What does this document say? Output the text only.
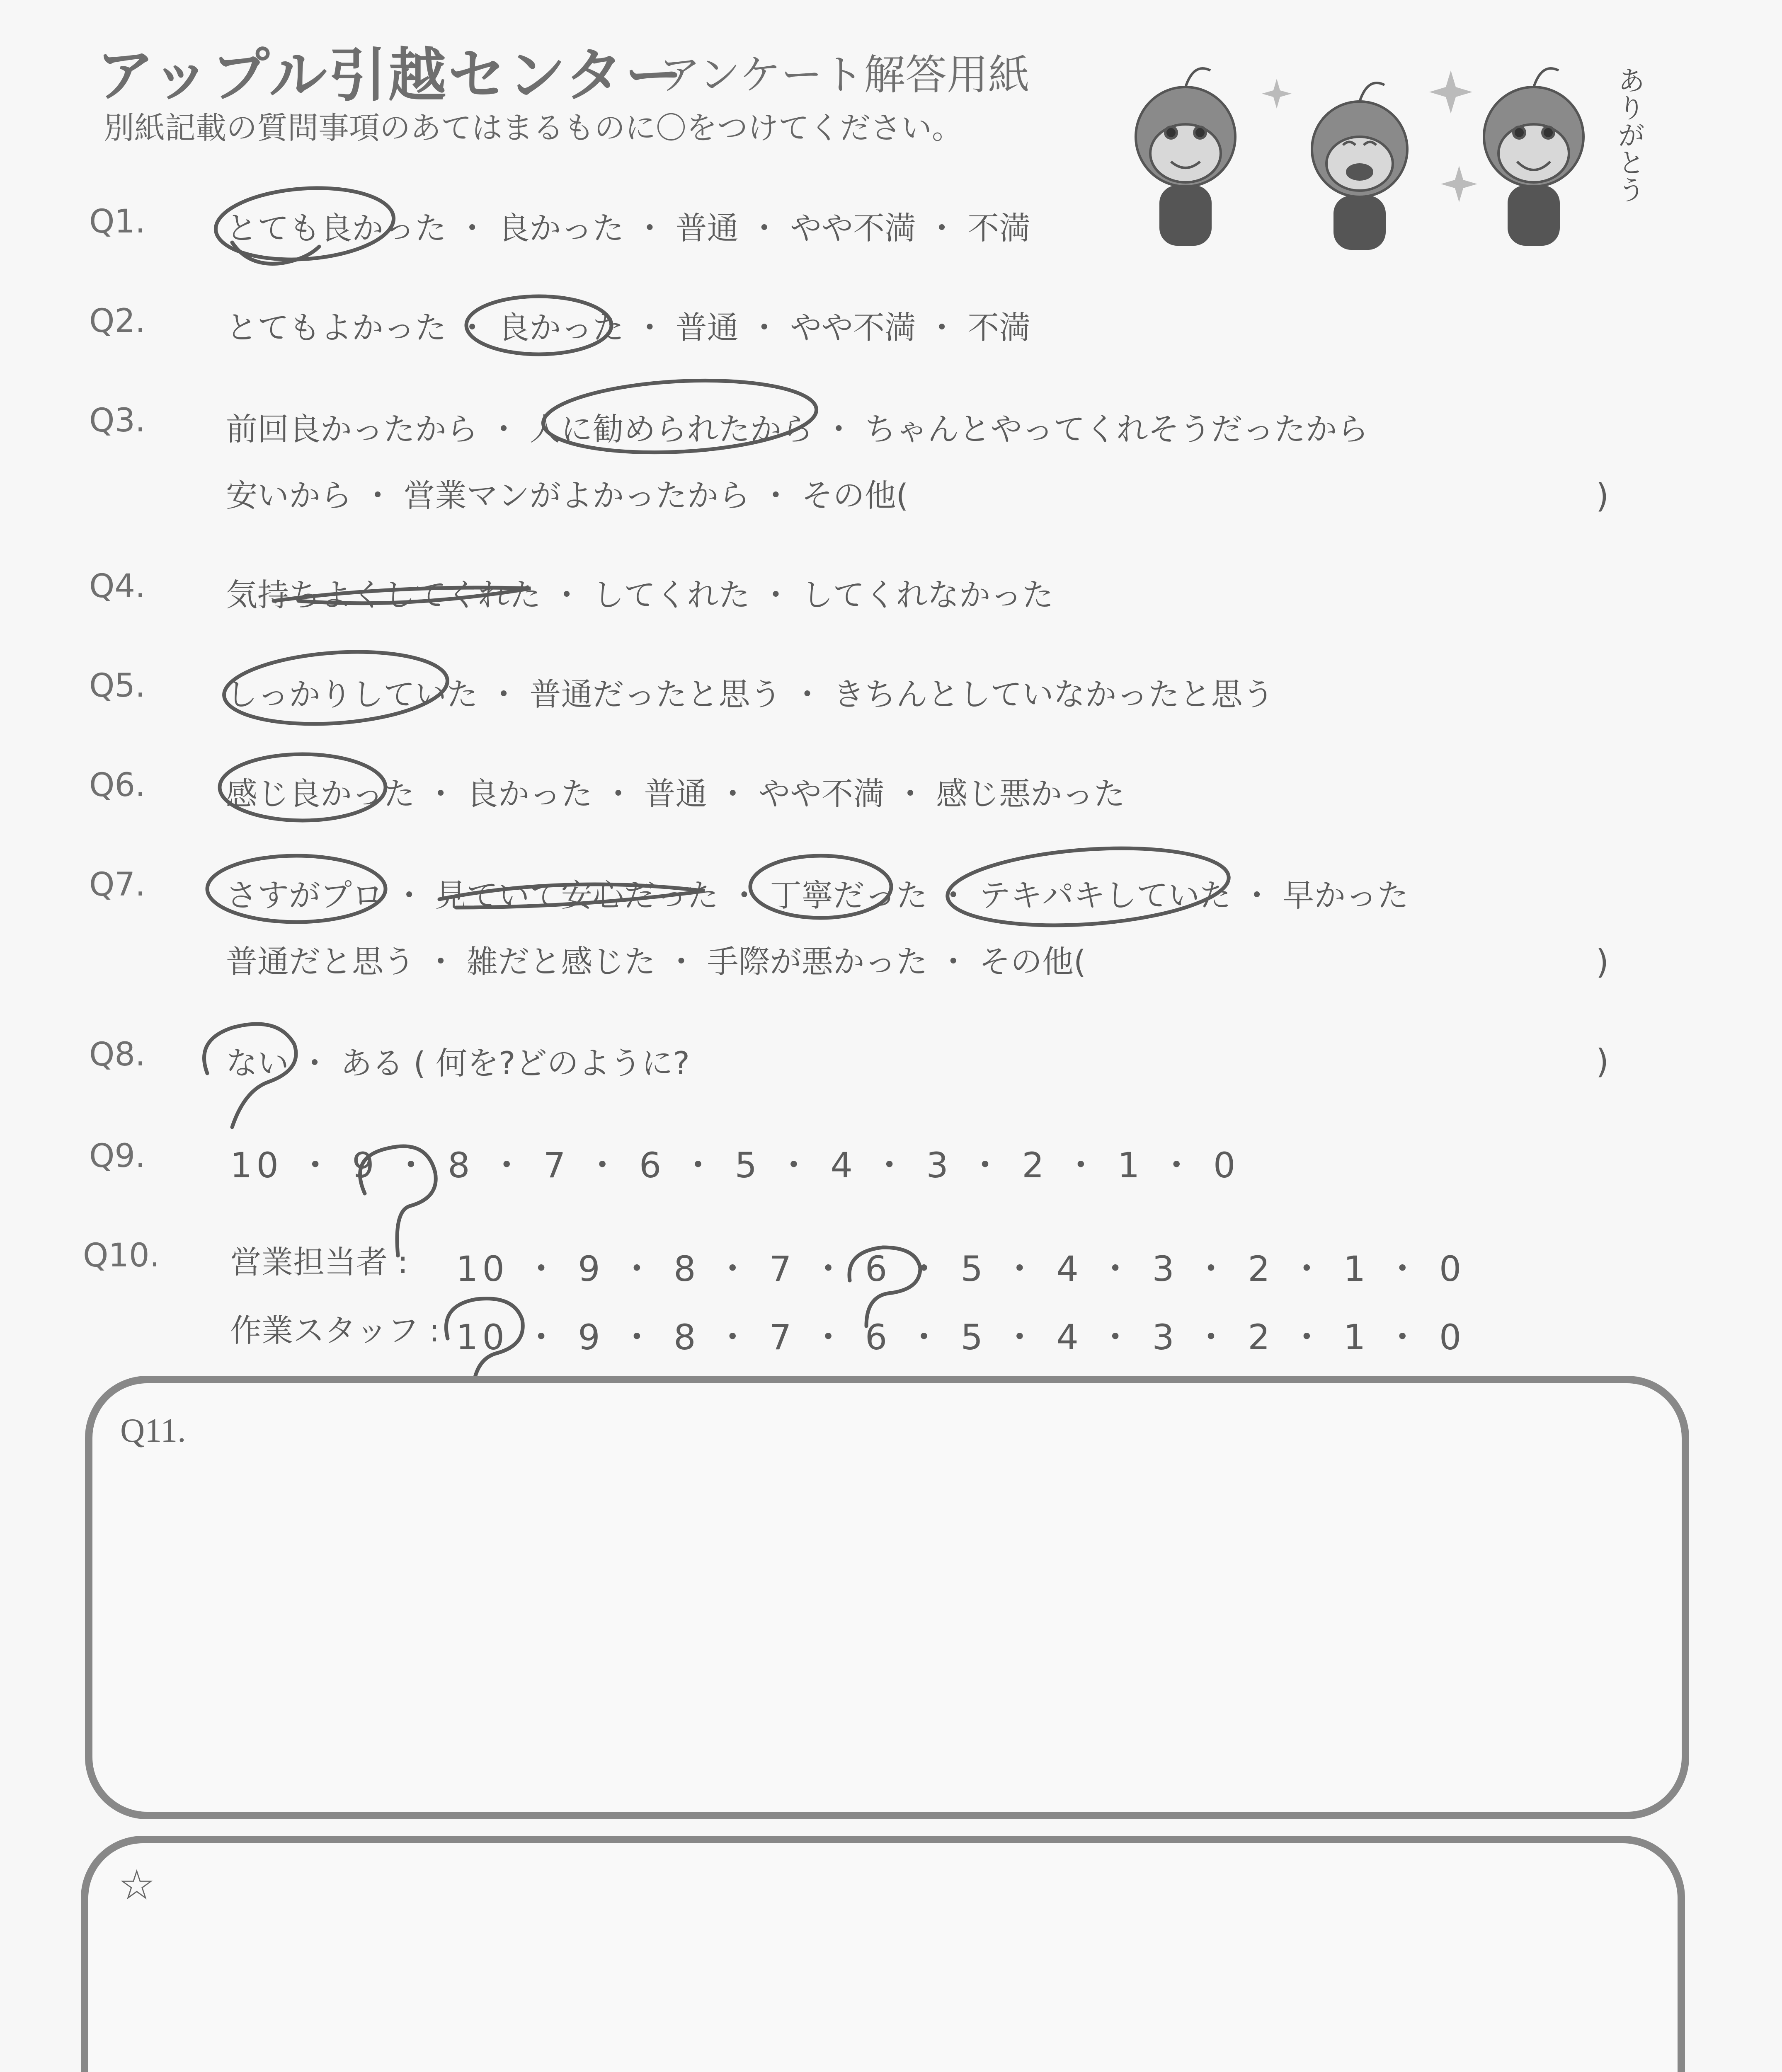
アップル引越センター
アンケート解答用紙
別紙記載の質問事項のあてはまるものに〇をつけてください。	ありがとう
Q1.	とても良かった ・ 良かった ・ 普通 ・ やや不満 ・ 不満
Q2.	とてもよかった ・ 良かった ・ 普通 ・ やや不満 ・ 不満
Q3.	前回良かったから ・ 人に勧められたから ・ ちゃんとやってくれそうだったから
安いから ・ 営業マンがよかったから ・ その他(	)
Q4.	気持ちよくしてくれた ・ してくれた ・ してくれなかった
Q5.	しっかりしていた ・ 普通だったと思う ・ きちんとしていなかったと思う
Q6.	感じ良かった ・ 良かった ・ 普通 ・ やや不満 ・ 感じ悪かった
Q7.	さすがプロ ・ 見ていて安心だった ・ 丁寧だった ・ テキパキしていた ・ 早かった
普通だと思う ・ 雑だと感じた ・ 手際が悪かった ・ その他(	)
Q8.	ない ・ ある ( 何を?どのように?	)
Q9. 10 ・ 9 ・ 8 ・ 7 ・ 6 ・ 5 ・ 4 ・ 3 ・ 2 ・ 1 ・ 0
Q10. 営業担当者 : 10 ・ 9 ・ 8 ・ 7 ・ 6 ・ 5 ・ 4 ・ 3 ・ 2 ・ 1 ・ 0
作業スタッフ : 10 ・ 9 ・ 8 ・ 7 ・ 6 ・ 5 ・ 4 ・ 3 ・ 2 ・ 1 ・ 0
Q11.
☆
